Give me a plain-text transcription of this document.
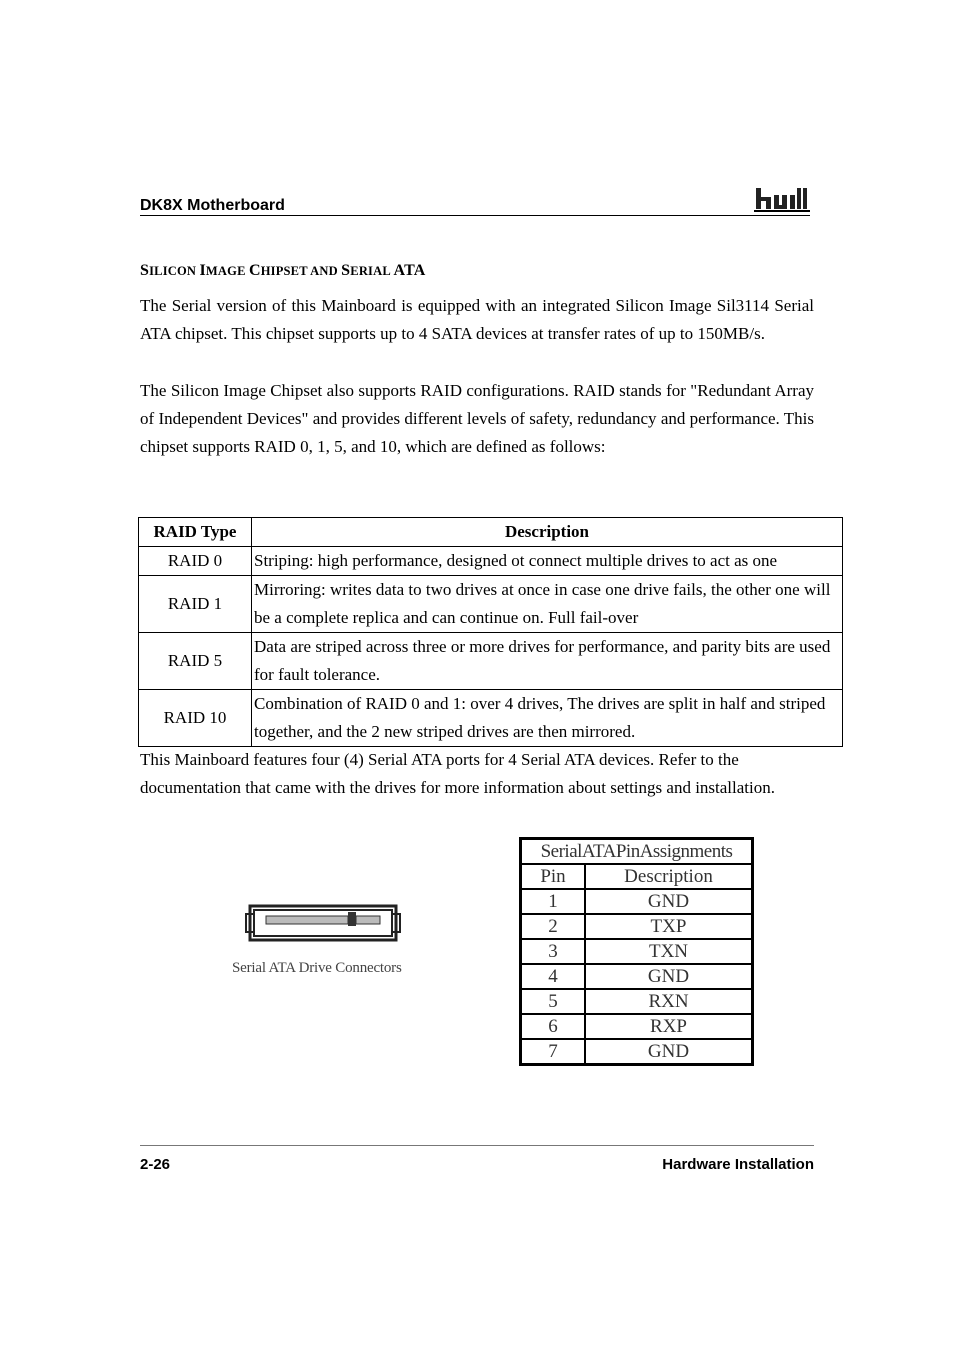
DK8X Motherboard
SILICON IMAGE CHIPSET AND SERIAL ATA
The Serial version of this Mainboard is equipped with an integrated Silicon Image Sil3114 Serial ATA chipset. This chipset supports up to 4 SATA devices at transfer rates of up to 150MB/s.
The Silicon Image Chipset also supports RAID configurations. RAID stands for "Redundant Array of Independent Devices" and provides different levels of safety, redundancy and performance. This chipset supports RAID 0, 1, 5, and 10, which are defined as follows:
RAID Type	Description
RAID 0	Striping: high performance, designed ot connect multiple drives to act as one
RAID 1	Mirroring: writes data to two drives at once in case one drive fails, the other one will be a complete replica and can continue on. Full fail-over
RAID 5	Data are striped across three or more drives for performance, and parity bits are used for fault tolerance.
RAID 10	Combination of RAID 0 and 1: over 4 drives, The drives are split in half and striped together, and the 2 new striped drives are then mirrored.
This Mainboard features four (4) Serial ATA ports for 4 Serial ATA devices. Refer to the documentation that came with the drives for more information about settings and installation.
Serial ATA Drive Connectors
SerialATAPinAssignments	
Pin	Description
1	GND
2	TXP
3	TXN
4	GND
5	RXN
6	RXP
7	GND
2-26	Hardware Installation
